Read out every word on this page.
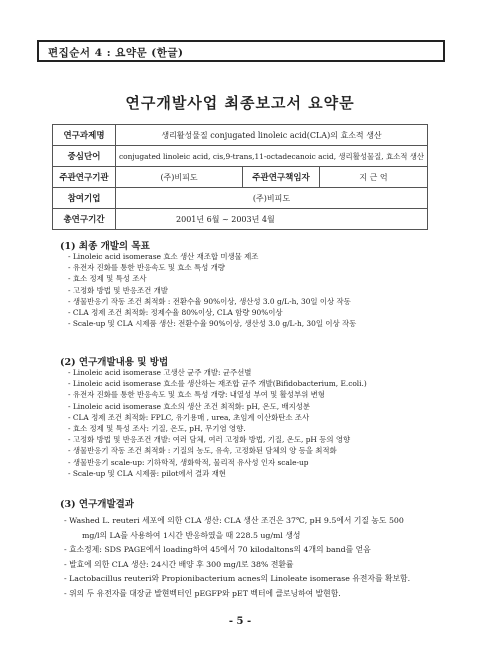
편집순서 4 : 요약문 (한글)
연구개발사업 최종보고서 요약문
연구과제명	생리활성물질 conjugated linoleic acid(CLA)의 효소적 생산		
중심단어	conjugated linoleic acid, cis,9-trans,11-octadecanoic acid, 생리활성물질, 효소적 생산		
주관연구기관	(주)비피도	주관연구책임자	지 근 억
참여기업	(주)비피도		
총연구기간	2001년 6월 ~ 2003년 4월		
(1) 최종 개발의 목표
- Linoleic acid isomerase 효소 생산 재조합 미생물 제조
- 유전자 진화를 통한 반응속도 및 효소 특성 개량
- 효소 정제 및 특성 조사
- 고정화 방법 및 반응조건 개발
- 생물반응기 작동 조건 최적화 : 전환수율 90%이상, 생산성 3.0 g/L-h, 30일 이상 작동
- CLA 정제 조건 최적화: 정제수율 80%이상, CLA 함량 90%이상
- Scale-up 및 CLA 시제품 생산: 전환수율 90%이상, 생산성 3.0 g/L-h, 30일 이상 작동
(2) 연구개발내용 및 방법
- Linoleic acid isomerase 고생산 균주 개발: 균주선별
- Linoleic acid isomerase 효소를 생산하는 재조합 균주 개발(Bifidobacterium, E.coli.)
- 유전자 진화를 통한 반응속도 및 효소 특성 개량: 내열성 부여 및 활성부위 변형
- Linoleic acid isomerase 효소의 생산 조건 최적화: pH, 온도, 배지성분
- CLA 정제 조건 최적화: FPLC, 유기용매 , urea, 초임계 이산화탄소 조사
- 효소 정제 및 특성 조사: 기질, 온도, pH, 무기염 영향.
- 고정화 방법 및 반응조건 개발: 여러 담체, 여러 고정화 방법, 기질, 온도, pH 등의 영향
- 생물반응기 작동 조건 최적화 : 기질의 농도, 유속, 고정화된 담체의 양 등을 최적화
- 생물반응기 scale-up: 기하학적, 생화학적, 물리적 유사성 인자 scale-up
- Scale-up 및 CLA 시제품: pilot에서 결과 재현
(3) 연구개발결과
- Washed L. reuteri 세포에 의한 CLA 생산: CLA 생산 조건은 37℃, pH 9.5에서 기질 농도 500
mg/l의 LA를 사용하여 1시간 반응하였을 때 228.5 ug/ml 생성
- 효소정제: SDS PAGE에서 loading하여 45에서 70 kilodaltons의 4개의 band를 얻음
- 발효에 의한 CLA 생산: 24시간 배양 후 300 mg/l로 38% 전환률
- Lactobacillus reuteri와 Propionibacterium acnes의 Linoleate isomerase 유전자를 확보함.
- 위의 두 유전자를 대장균 발현벡터인 pEGFP와 pET 벡터에 클로닝하여 발현함.
- 5 -
